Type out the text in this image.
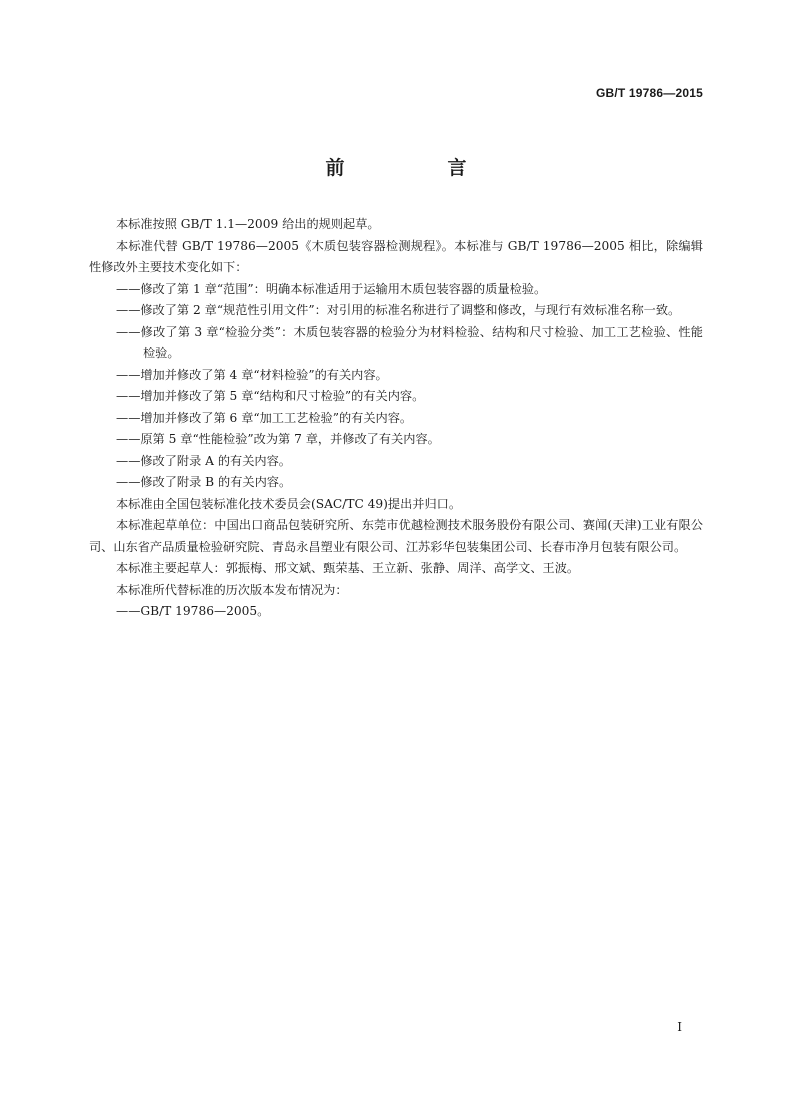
GB/T 19786—2015
前　言

本标准按照 GB/T 1.1—2009 给出的规则起草。

本标准代替 GB/T 19786—2005《木质包装容器检测规程》。本标准与 GB/T 19786—2005 相比，除编辑性修改外主要技术变化如下：

——修改了第 1 章“范围”：明确本标准适用于运输用木质包装容器的质量检验。

——修改了第 2 章“规范性引用文件”：对引用的标准名称进行了调整和修改，与现行有效标准名称一致。

——修改了第 3 章“检验分类”：木质包装容器的检验分为材料检验、结构和尺寸检验、加工工艺检验、性能检验。

——增加并修改了第 4 章“材料检验”的有关内容。

——增加并修改了第 5 章“结构和尺寸检验”的有关内容。

——增加并修改了第 6 章“加工工艺检验”的有关内容。

——原第 5 章“性能检验”改为第 7 章，并修改了有关内容。

——修改了附录 A 的有关内容。

——修改了附录 B 的有关内容。

本标准由全国包装标准化技术委员会(SAC/TC 49)提出并归口。

本标准起草单位：中国出口商品包装研究所、东莞市优越检测技术服务股份有限公司、赛闻(天津)工业有限公司、山东省产品质量检验研究院、青岛永昌塑业有限公司、江苏彩华包装集团公司、长春市净月包装有限公司。

本标准主要起草人：郭振梅、邢文斌、甄荣基、王立新、张静、周洋、高学文、王波。

本标准所代替标准的历次版本发布情况为：

——GB/T 19786—2005。

I
